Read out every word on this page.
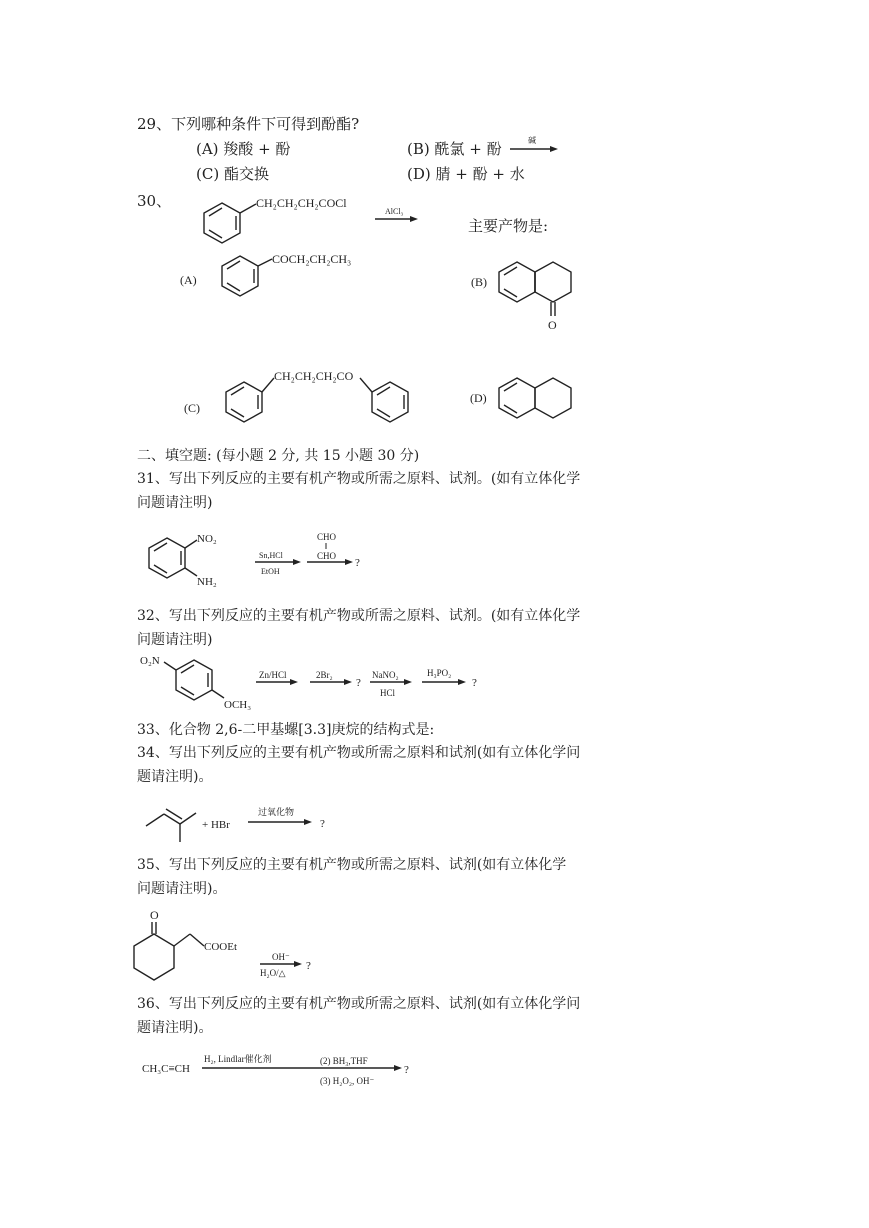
29、下列哪种条件下可得到酚酯?
(A) 羧酸 + 酚	(B) 酰氯 + 酚	碱
(C) 酯交换	(D) 腈 + 酚 + 水
30、	CH₂CH₂CH₂COCl
AlCl₃
主要产物是:
(A)
COCH₂CH₂CH₃
(B)
O
(C)
CH₂CH₂CH₂CO
(D)
二、填空题: (每小题 2 分, 共 15 小题 30 分)
31、写出下列反应的主要有机产物或所需之原料、试剂。(如有立体化学
问题请注明)
NO₂
NH₂
Sn,HCl
EtOH
CHO
CHO
?
32、写出下列反应的主要有机产物或所需之原料、试剂。(如有立体化学
问题请注明)
O₂N
OCH₃
Zn/HCl	2Br₂
?
NaNO₂
HCl
H₃PO₂
?
33、化合物 2,6-二甲基螺[3.3]庚烷的结构式是:
34、写出下列反应的主要有机产物或所需之原料和试剂(如有立体化学问
题请注明)。
+ HBr
过氧化物
?
35、写出下列反应的主要有机产物或所需之原料、试剂(如有立体化学
问题请注明)。
O
COOEt
OH⁻
H₂O/△
?
36、写出下列反应的主要有机产物或所需之原料、试剂(如有立体化学问
题请注明)。
CH₃C≡CH
H₂, Lindlar催化剂	(2) BH₃,THF
(3) H₂O₂, OH⁻
?
